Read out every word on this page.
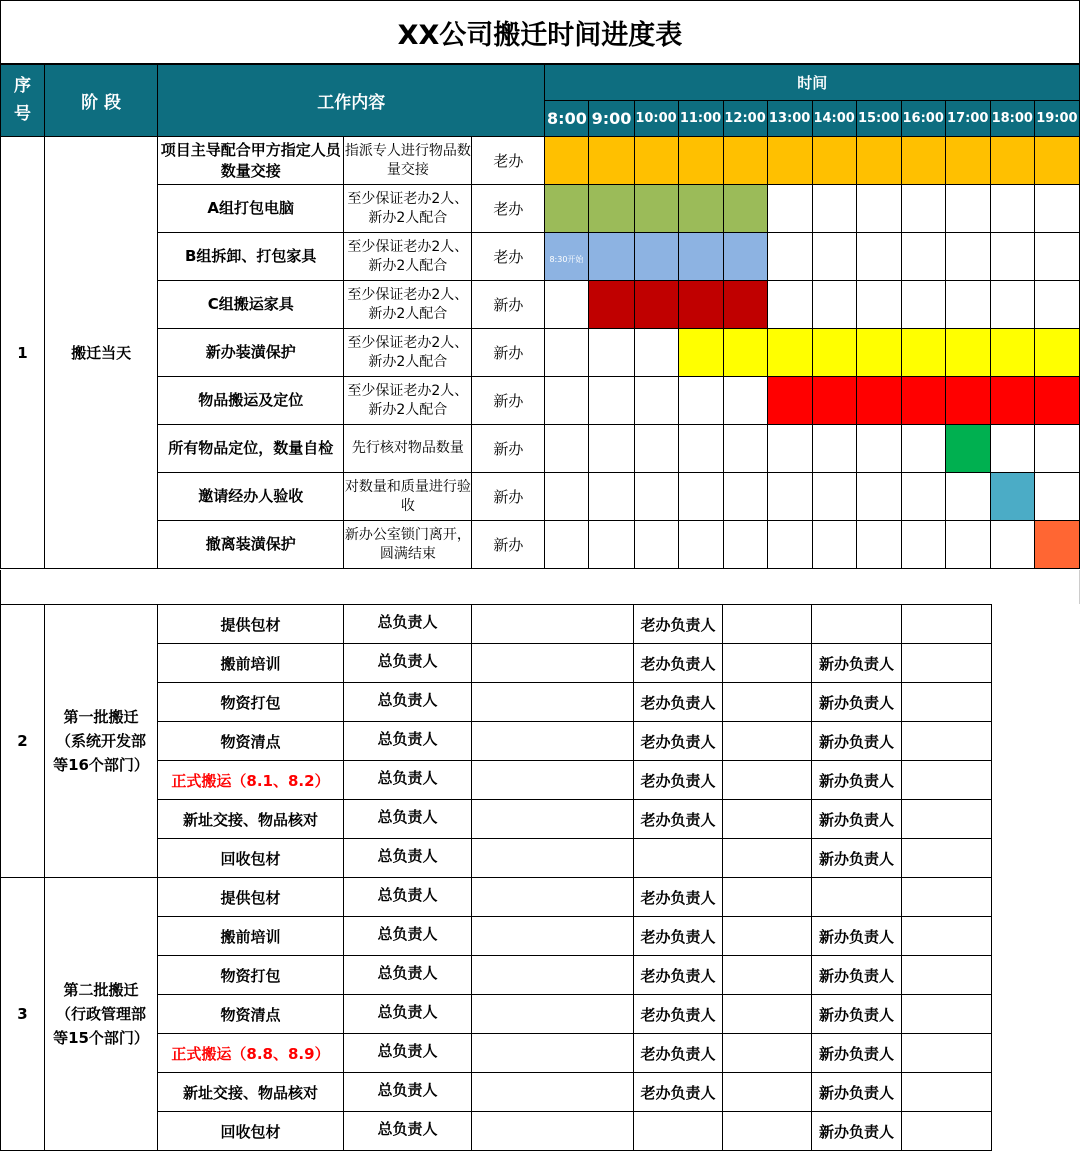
XX公司搬迁时间进度表
序
号	阶 段	工作内容			时间											
					8:00	9:00	10:00	11:00	12:00	13:00	14:00	15:00	16:00	17:00	18:00	19:00
1	搬迁当天	项目主导配合甲方指定人员数量交接	指派专人进行物品数量交接	老办												
		A组打包电脑	至少保证老办2人、新办2人配合	老办												
		B组拆卸、打包家具	至少保证老办2人、新办2人配合	老办	8:30开始											
		C组搬运家具	至少保证老办2人、新办2人配合	新办												
		新办装潢保护	至少保证老办2人、新办2人配合	新办												
		物品搬运及定位	至少保证老办2人、新办2人配合	新办												
		所有物品定位，数量自检	先行核对物品数量	新办												
		邀请经办人验收	对数量和质量进行验收	新办												
		撤离装潢保护	新办公室锁门离开，圆满结束	新办												
2	第一批搬迁（系统开发部等16个部门）	提供包材	总负责人		老办负责人			
		搬前培训	总负责人		老办负责人		新办负责人	
		物资打包	总负责人		老办负责人		新办负责人	
		物资清点	总负责人		老办负责人		新办负责人	
		正式搬运（8.1、8.2）	总负责人		老办负责人		新办负责人	
		新址交接、物品核对	总负责人		老办负责人		新办负责人	
		回收包材	总负责人				新办负责人	
3	第二批搬迁（行政管理部等15个部门）	提供包材	总负责人		老办负责人			
		搬前培训	总负责人		老办负责人		新办负责人	
		物资打包	总负责人		老办负责人		新办负责人	
		物资清点	总负责人		老办负责人		新办负责人	
		正式搬运（8.8、8.9）	总负责人		老办负责人		新办负责人	
		新址交接、物品核对	总负责人		老办负责人		新办负责人	
		回收包材	总负责人				新办负责人	
